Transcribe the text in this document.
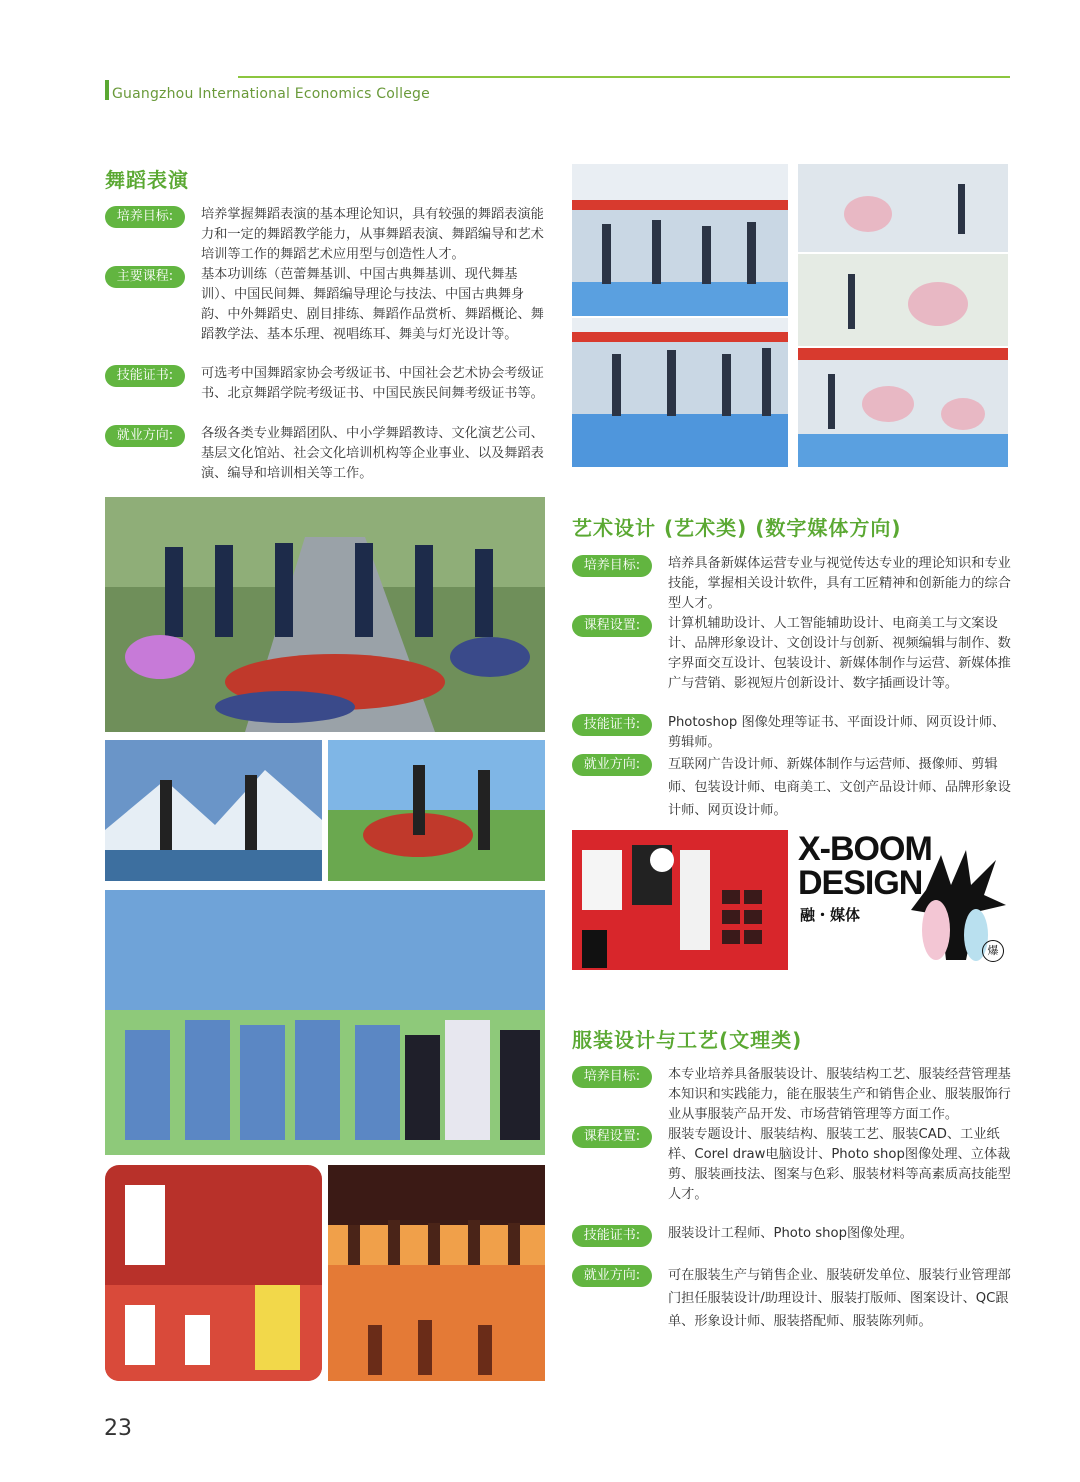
Guangzhou International Economics College
舞蹈表演
培养目标:	培养掌握舞蹈表演的基本理论知识，具有较强的舞蹈表演能力和一定的舞蹈教学能力，从事舞蹈表演、舞蹈编导和艺术培训等工作的舞蹈艺术应用型与创造性人才。
主要课程:	基本功训练（芭蕾舞基训、中国古典舞基训、现代舞基训）、中国民间舞、舞蹈编导理论与技法、中国古典舞身韵、中外舞蹈史、剧目排练、舞蹈作品赏析、舞蹈概论、舞蹈教学法、基本乐理、视唱练耳、舞美与灯光设计等。
技能证书:	可选考中国舞蹈家协会考级证书、中国社会艺术协会考级证书、北京舞蹈学院考级证书、中国民族民间舞考级证书等。
就业方向:	各级各类专业舞蹈团队、中小学舞蹈教诗、文化演艺公司、基层文化馆站、社会文化培训机构等企业事业、以及舞蹈表演、编导和培训相关等工作。
艺术设计 (艺术类) (数字媒体方向)
培养目标:	培养具备新媒体运营专业与视觉传达专业的理论知识和专业技能，掌握相关设计软件，具有工匠精神和创新能力的综合型人才。
课程设置:	计算机辅助设计、人工智能辅助设计、电商美工与文案设计、品牌形象设计、文创设计与创新、视频编辑与制作、数字界面交互设计、包装设计、新媒体制作与运营、新媒体推广与营销、影视短片创新设计、数字插画设计等。
技能证书:	Photoshop 图像处理等证书、平面设计师、网页设计师、剪辑师。
就业方向:	互联网广告设计师、新媒体制作与运营师、摄像师、剪辑师、包装设计师、电商美工、文创产品设计师、品牌形象设计师、网页设计师。
X-BOOM
DESIGN
融・媒体
爆
服装设计与工艺(文理类)
培养目标:	本专业培养具备服装设计、服装结构工艺、服装经营管理基本知识和实践能力，能在服装生产和销售企业、服装服饰行业从事服装产品开发、市场营销管理等方面工作。
课程设置:	服装专题设计、服装结构、服装工艺、服装CAD、工业纸样、Corel draw电脑设计、Photo shop图像处理、立体裁剪、服装画技法、图案与色彩、服装材料等高素质高技能型人才。
技能证书:	服装设计工程师、Photo shop图像处理。
就业方向:	可在服装生产与销售企业、服装研发单位、服装行业管理部门担任服装设计/助理设计、服装打版师、图案设计、QC跟单、形象设计师、服装搭配师、服装陈列师。
23
